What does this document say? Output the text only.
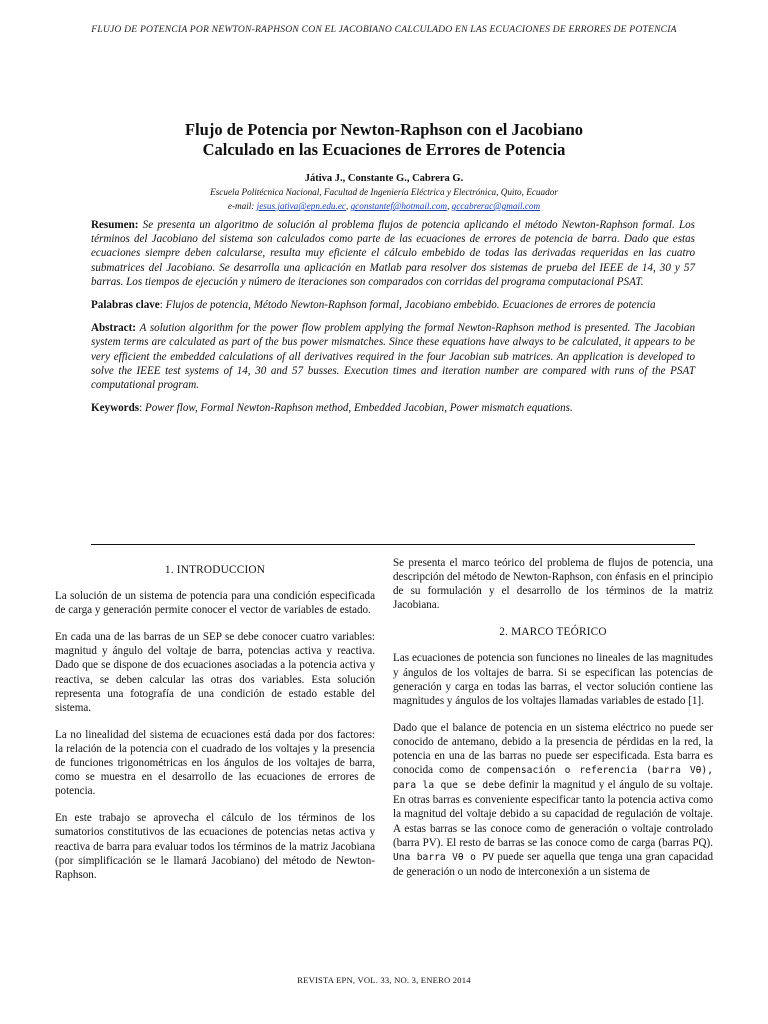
FLUJO DE POTENCIA POR NEWTON-RAPHSON CON EL JACOBIANO CALCULADO EN LAS ECUACIONES DE ERRORES DE POTENCIA

Flujo de Potencia por Newton-Raphson con el Jacobiano
Calculado en las Ecuaciones de Errores de Potencia

Játiva J., Constante G., Cabrera G.
Escuela Politécnica Nacional, Facultad de Ingeniería Eléctrica y Electrónica, Quito, Ecuador
e-mail: jesus.jativa@epn.edu.ec, gconstantef@hotmail.com, gccabrerac@gmail.com

Resumen: Se presenta un algoritmo de solución al problema flujos de potencia aplicando el método Newton-Raphson formal. Los términos del Jacobiano del sistema son calculados como parte de las ecuaciones de errores de potencia de barra. Dado que estas ecuaciones siempre deben calcularse, resulta muy eficiente el cálculo embebido de todas las derivadas requeridas en las cuatro submatrices del Jacobiano. Se desarrolla una aplicación en Matlab para resolver dos sistemas de prueba del IEEE de 14, 30 y 57 barras. Los tiempos de ejecución y número de iteraciones son comparados con corridas del programa computacional PSAT.

Palabras clave: Flujos de potencia, Método Newton-Raphson formal, Jacobiano embebido. Ecuaciones de errores de potencia

Abstract: A solution algorithm for the power flow problem applying the formal Newton-Raphson method is presented. The Jacobian system terms are calculated as part of the bus power mismatches. Since these equations have always to be calculated, it appears to be very efficient the embedded calculations of all derivatives required in the four Jacobian sub matrices. An application is developed to solve the IEEE test systems of 14, 30 and 57 busses. Execution times and iteration number are compared with runs of the PSAT computational program.

Keywords: Power flow, Formal Newton-Raphson method, Embedded Jacobian, Power mismatch equations.

1. INTRODUCCION

La solución de un sistema de potencia para una condición especificada de carga y generación permite conocer el vector de variables de estado.

En cada una de las barras de un SEP se debe conocer cuatro variables: magnitud y ángulo del voltaje de barra, potencias activa y reactiva. Dado que se dispone de dos ecuaciones asociadas a la potencia activa y reactiva, se deben calcular las otras dos variables. Esta solución representa una fotografía de una condición de estado estable del sistema.

La no linealidad del sistema de ecuaciones está dada por dos factores: la relación de la potencia con el cuadrado de los voltajes y la presencia de funciones trigonométricas en los ángulos de los voltajes de barra, como se muestra en el desarrollo de las ecuaciones de errores de potencia.

En este trabajo se aprovecha el cálculo de los términos de los sumatorios constitutivos de las ecuaciones de potencias netas activa y reactiva de barra para evaluar todos los términos de la matriz Jacobiana (por simplificación se le llamará Jacobiano) del método de Newton-Raphson.

Se presenta el marco teórico del problema de flujos de potencia, una descripción del método de Newton-Raphson, con énfasis en el principio de su formulación y el desarrollo de los términos de la matriz Jacobiana.

2. MARCO TEÓRICO

Las ecuaciones de potencia son funciones no lineales de las magnitudes y ángulos de los voltajes de barra. Si se especifican las potencias de generación y carga en todas las barras, el vector solución contiene las magnitudes y ángulos de los voltajes llamadas variables de estado [1].

Dado que el balance de potencia en un sistema eléctrico no puede ser conocido de antemano, debido a la presencia de pérdidas en la red, la potencia en una de las barras no puede ser especificada. Esta barra es conocida como de compensación o referencia (barra Vθ), para la que se debe definir la magnitud y el ángulo de su voltaje. En otras barras es conveniente especificar tanto la potencia activa como la magnitud del voltaje debido a su capacidad de regulación de voltaje. A estas barras se las conoce como de generación o voltaje controlado (barra PV). El resto de barras se las conoce como de carga (barras PQ). Una barra Vθ o PV puede ser aquella que tenga una gran capacidad de generación o un nodo de interconexión a un sistema de

REVISTA EPN, VOL. 33, NO. 3, ENERO 2014
